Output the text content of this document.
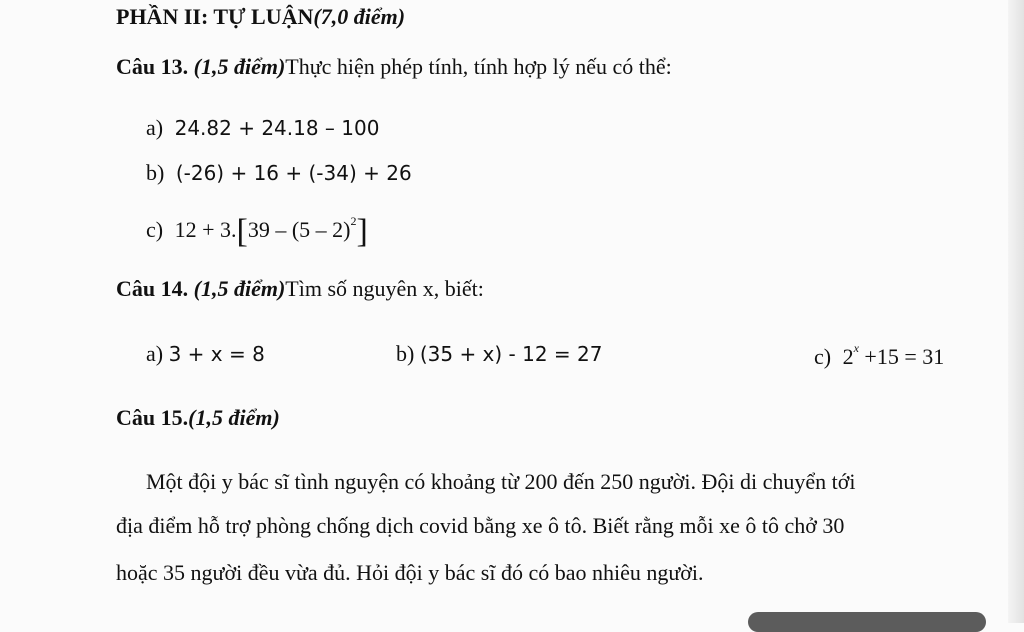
PHẦN II: TỰ LUẬN(7,0 điểm)
Câu 13. (1,5 điểm)Thực hiện phép tính, tính hợp lý nếu có thể:
a) 24.82 + 24.18 – 100
b) (-26) + 16 + (-34) + 26
c) 12 + 3.[39 – (5 – 2)$^2$]
Câu 14. (1,5 điểm)Tìm số nguyên x, biết:
a) 3 + x = 8	b) (35 + x) - 12 = 27	c) $2^x +15 = 31$
Câu 15.(1,5 điểm)
Một đội y bác sĩ tình nguyện có khoảng từ 200 đến 250 người. Đội di chuyển tới
địa điểm hỗ trợ phòng chống dịch covid bằng xe ô tô. Biết rằng mỗi xe ô tô chở 30
hoặc 35 người đều vừa đủ. Hỏi đội y bác sĩ đó có bao nhiêu người.
